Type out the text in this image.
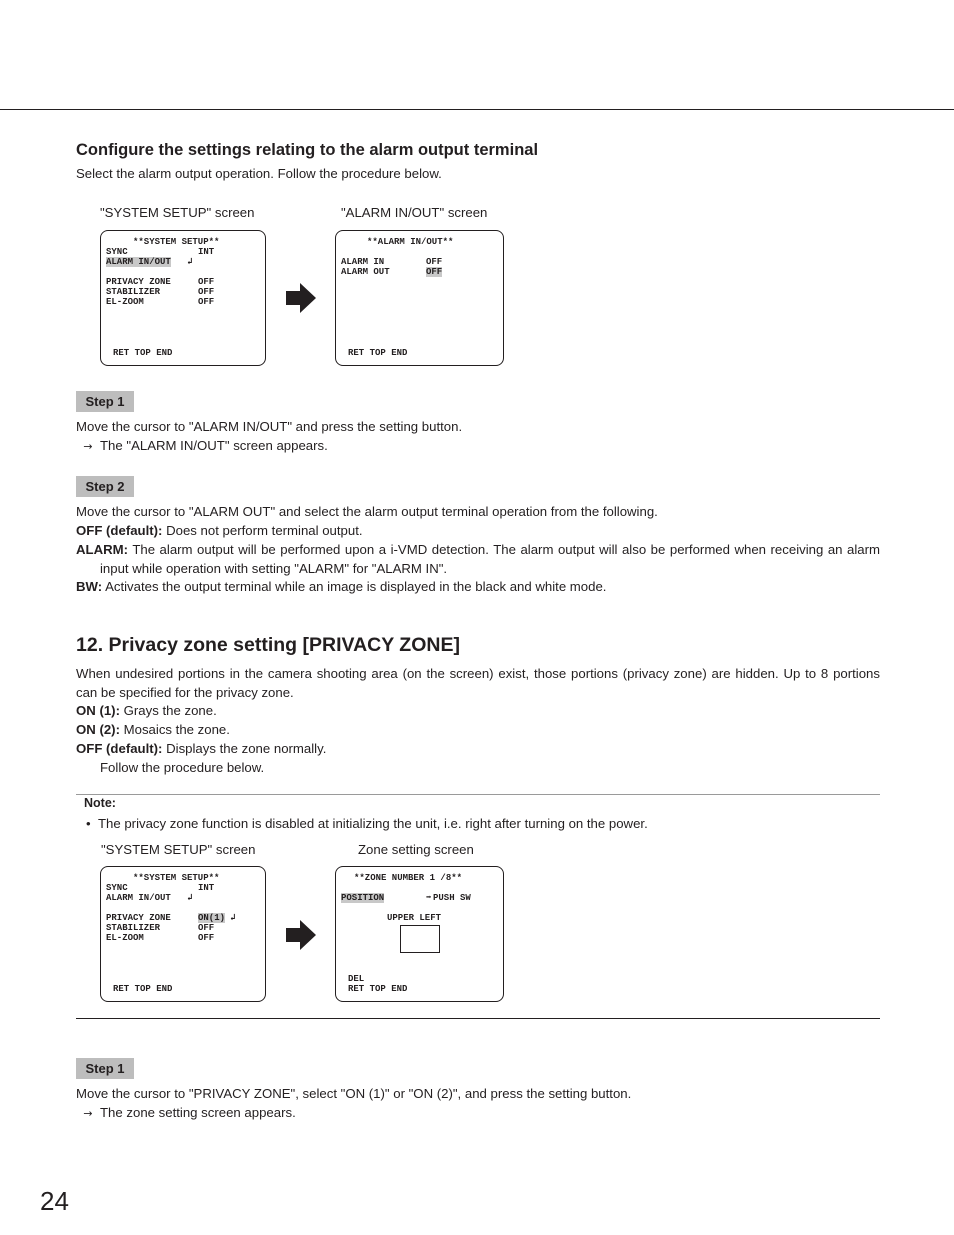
Configure the settings relating to the alarm output terminal

Select the alarm output operation. Follow the procedure below.

"SYSTEM SETUP" screen	"ALARM IN/OUT" screen
**SYSTEM SETUP**
SYNC	INT
ALARM IN/OUT ↲
PRIVACY ZONE	OFF
STABILIZER	OFF
EL-ZOOM	OFF
RET TOP END
**ALARM IN/OUT**
ALARM IN	OFF
ALARM OUT	OFF
RET TOP END
Step 1

Move the cursor to "ALARM IN/OUT" and press the setting button.

→ The "ALARM IN/OUT" screen appears.

Step 2

Move the cursor to "ALARM OUT" and select the alarm output terminal operation from the following.

OFF (default): Does not perform terminal output.

ALARM: The alarm output will be performed upon a i-VMD detection. The alarm output will also be performed when receiving an alarm input while operation with setting "ALARM" for "ALARM IN".

BW: Activates the output terminal while an image is displayed in the black and white mode.

12. Privacy zone setting [PRIVACY ZONE]

When undesired portions in the camera shooting area (on the screen) exist, those portions (privacy zone) are hidden. Up to 8 portions can be specified for the privacy zone.

ON (1): Grays the zone.

ON (2): Mosaics the zone.

OFF (default): Displays the zone normally.

Follow the procedure below.

Note:
•  The privacy zone function is disabled at initializing the unit, i.e. right after turning on the power.
"SYSTEM SETUP" screen	Zone setting screen
**SYSTEM SETUP**
SYNC	INT
ALARM IN/OUT ↲
PRIVACY ZONE	ON(1) ↲
STABILIZER	OFF
EL-ZOOM	OFF
RET TOP END
**ZONE NUMBER 1 /8**
POSITION	➡ PUSH SW
UPPER LEFT
DEL
RET TOP END
Step 1

Move the cursor to "PRIVACY ZONE", select "ON (1)" or "ON (2)", and press the setting button.

→ The zone setting screen appears.

24
